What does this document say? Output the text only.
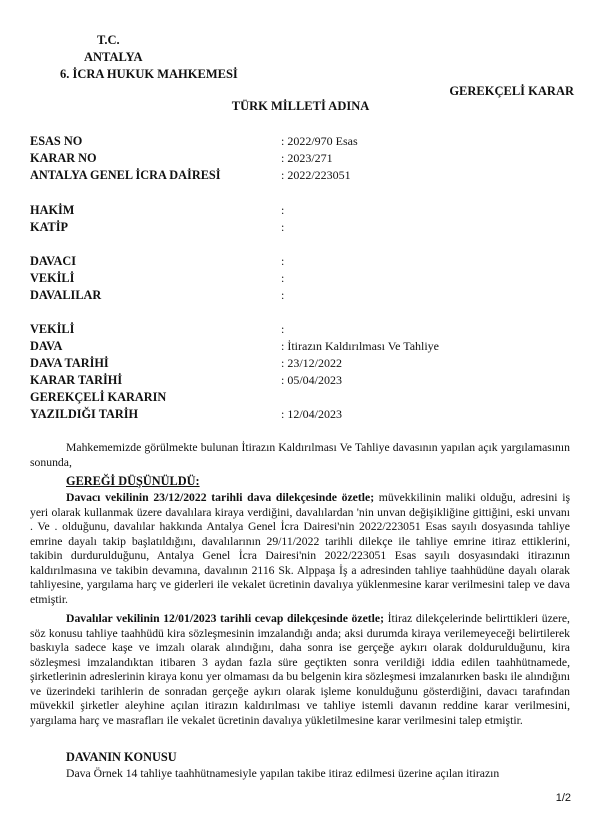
T.C.
ANTALYA
6. İCRA HUKUK MAHKEMESİ
GEREKÇELİ KARAR
TÜRK MİLLETİ ADINA
ESAS NO	: 2022/970 Esas
KARAR NO	: 2023/271
ANTALYA GENEL İCRA DAİRESİ	: 2022/223051
HAKİM	:
KATİP	:
DAVACI	:
VEKİLİ	:
DAVALILAR	:
VEKİLİ	:
DAVA	: İtirazın Kaldırılması Ve Tahliye
DAVA TARİHİ	: 23/12/2022
KARAR TARİHİ	: 05/04/2023
GEREKÇELİ KARARIN
YAZILDIĞI TARİH	: 12/04/2023
Mahkememizde görülmekte bulunan İtirazın Kaldırılması Ve Tahliye davasının yapılan açık yargılamasının sonunda,
GEREĞİ DÜŞÜNÜLDÜ:
Davacı vekilinin 23/12/2022 tarihli dava dilekçesinde özetle; müvekkilinin maliki olduğu, adresini iş yeri olarak kullanmak üzere davalılara kiraya verdiğini, davalılardan 'nin unvan değişikliğine gittiğini, eski unvanı . Ve . olduğunu, davalılar hakkında Antalya Genel İcra Dairesi'nin 2022/223051 Esas sayılı dosyasında tahliye emrine dayalı takip başlatıldığını, davalılarının 29/11/2022 tarihli dilekçe ile tahliye emrine itiraz ettiklerini, takibin durdurulduğunu, Antalya Genel İcra Dairesi'nin 2022/223051 Esas sayılı dosyasındaki itirazının kaldırılmasına ve takibin devamına, davalının 2116 Sk. Alppaşa İş a adresinden tahliye taahhüdüne dayalı olarak tahliyesine, yargılama harç ve giderleri ile vekalet ücretinin davalıya yüklenmesine karar verilmesini talep ve dava etmiştir.
Davalılar vekilinin 12/01/2023 tarihli cevap dilekçesinde özetle; İtiraz dilekçelerinde belirttikleri üzere, söz konusu tahliye taahhüdü kira sözleşmesinin imzalandığı anda; aksi durumda kiraya verilemeyeceği belirtilerek baskıyla sadece kaşe ve imzalı olarak alındığını, daha sonra ise gerçeğe aykırı olarak doldurulduğunu, kira sözleşmesi imzalandıktan itibaren 3 aydan fazla süre geçtikten sonra verildiği iddia edilen taahhütnamede, şirketlerinin adreslerinin kiraya konu yer olmaması da bu belgenin kira sözleşmesi imzalanırken baskı ile alındığını ve üzerindeki tarihlerin de sonradan gerçeğe aykırı olarak işleme konulduğunu gösterdiğini, davacı tarafından müvekkil şirketler aleyhine açılan itirazın kaldırılması ve tahliye istemli davanın reddine karar verilmesini, yargılama harç ve masrafları ile vekalet ücretinin davalıya yükletilmesine karar verilmesini talep etmiştir.
DAVANIN KONUSU
Dava Örnek 14 tahliye taahhütnamesiyle yapılan takibe itiraz edilmesi üzerine açılan itirazın
1/2
